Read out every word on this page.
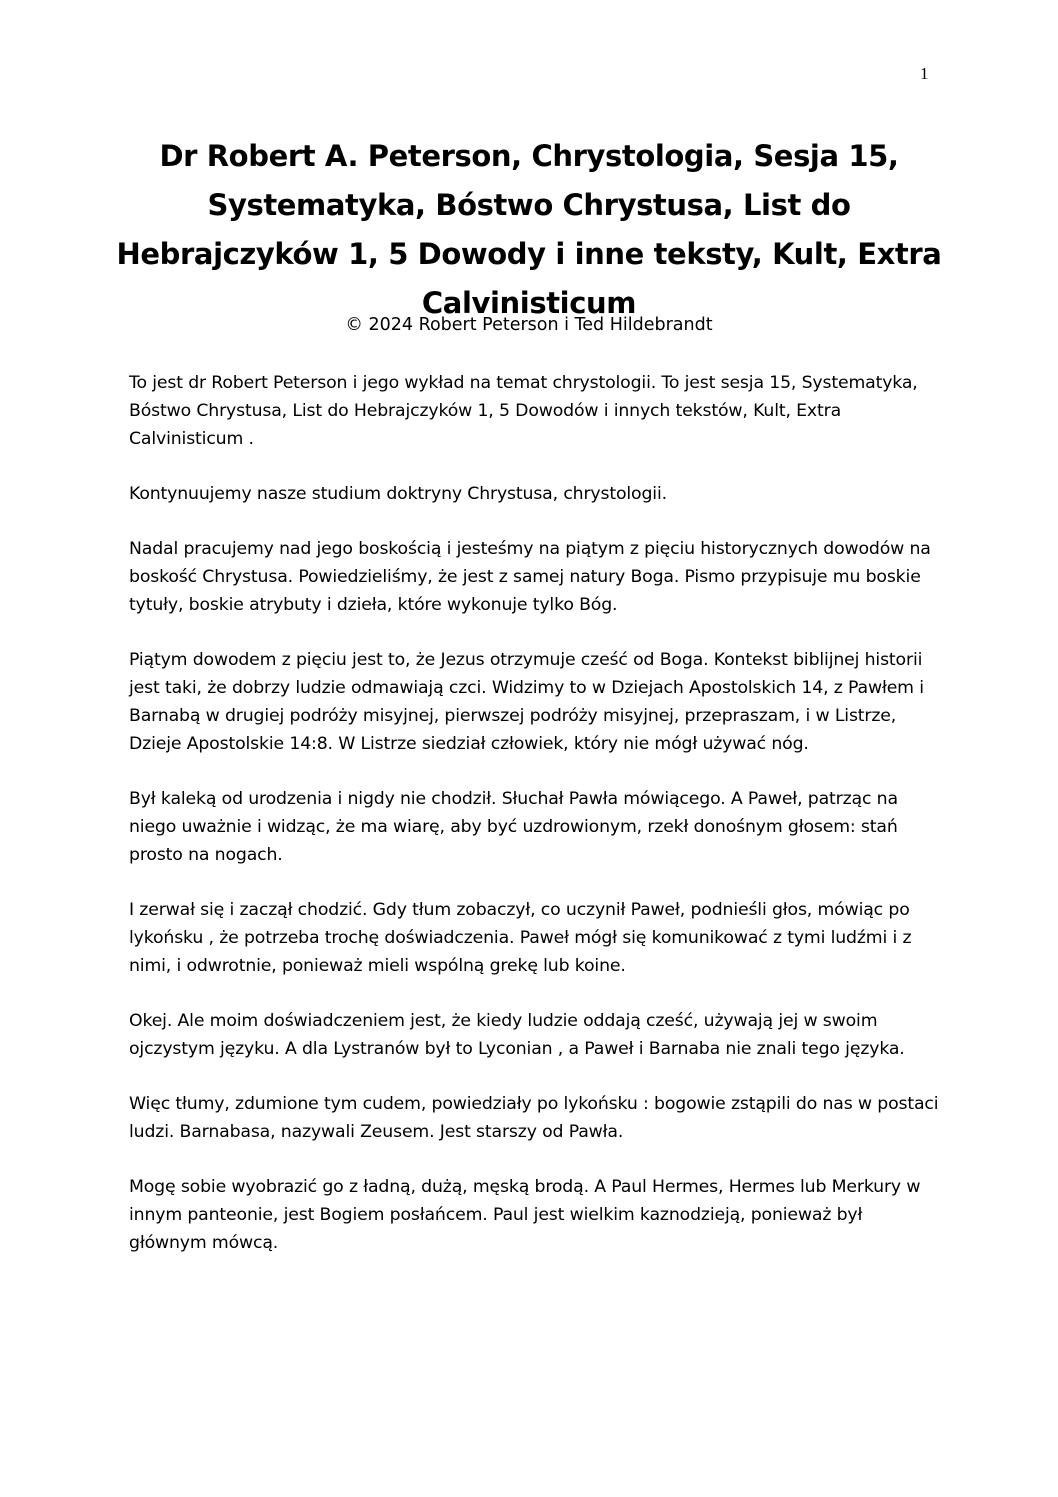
1
Dr Robert A. Peterson, Chrystologia, Sesja 15, Systematyka, Bóstwo Chrystusa, List do Hebrajczyków 1, 5 Dowody i inne teksty, Kult, Extra Calvinisticum
© 2024 Robert Peterson i Ted Hildebrandt

To jest dr Robert Peterson i jego wykład na temat chrystologii. To jest sesja 15, Systematyka, Bóstwo Chrystusa, List do Hebrajczyków 1, 5 Dowodów i innych tekstów, Kult, Extra Calvinisticum .

Kontynuujemy nasze studium doktryny Chrystusa, chrystologii.

Nadal pracujemy nad jego boskością i jesteśmy na piątym z pięciu historycznych dowodów na boskość Chrystusa. Powiedzieliśmy, że jest z samej natury Boga. Pismo przypisuje mu boskie tytuły, boskie atrybuty i dzieła, które wykonuje tylko Bóg.

Piątym dowodem z pięciu jest to, że Jezus otrzymuje cześć od Boga. Kontekst biblijnej historii jest taki, że dobrzy ludzie odmawiają czci. Widzimy to w Dziejach Apostolskich 14, z Pawłem i Barnabą w drugiej podróży misyjnej, pierwszej podróży misyjnej, przepraszam, i w Listrze, Dzieje Apostolskie 14:8. W Listrze siedział człowiek, który nie mógł używać nóg.

Był kaleką od urodzenia i nigdy nie chodził. Słuchał Pawła mówiącego. A Paweł, patrząc na niego uważnie i widząc, że ma wiarę, aby być uzdrowionym, rzekł donośnym głosem: stań prosto na nogach.

I zerwał się i zaczął chodzić. Gdy tłum zobaczył, co uczynił Paweł, podnieśli głos, mówiąc po lykońsku , że potrzeba trochę doświadczenia. Paweł mógł się komunikować z tymi ludźmi i z nimi, i odwrotnie, ponieważ mieli wspólną grekę lub koine.

Okej. Ale moim doświadczeniem jest, że kiedy ludzie oddają cześć, używają jej w swoim ojczystym języku. A dla Lystranów był to Lyconian , a Paweł i Barnaba nie znali tego języka.

Więc tłumy, zdumione tym cudem, powiedziały po lykońsku : bogowie zstąpili do nas w postaci ludzi. Barnabasa, nazywali Zeusem. Jest starszy od Pawła.

Mogę sobie wyobrazić go z ładną, dużą, męską brodą. A Paul Hermes, Hermes lub Merkury w innym panteonie, jest Bogiem posłańcem. Paul jest wielkim kaznodzieją, ponieważ był głównym mówcą.
